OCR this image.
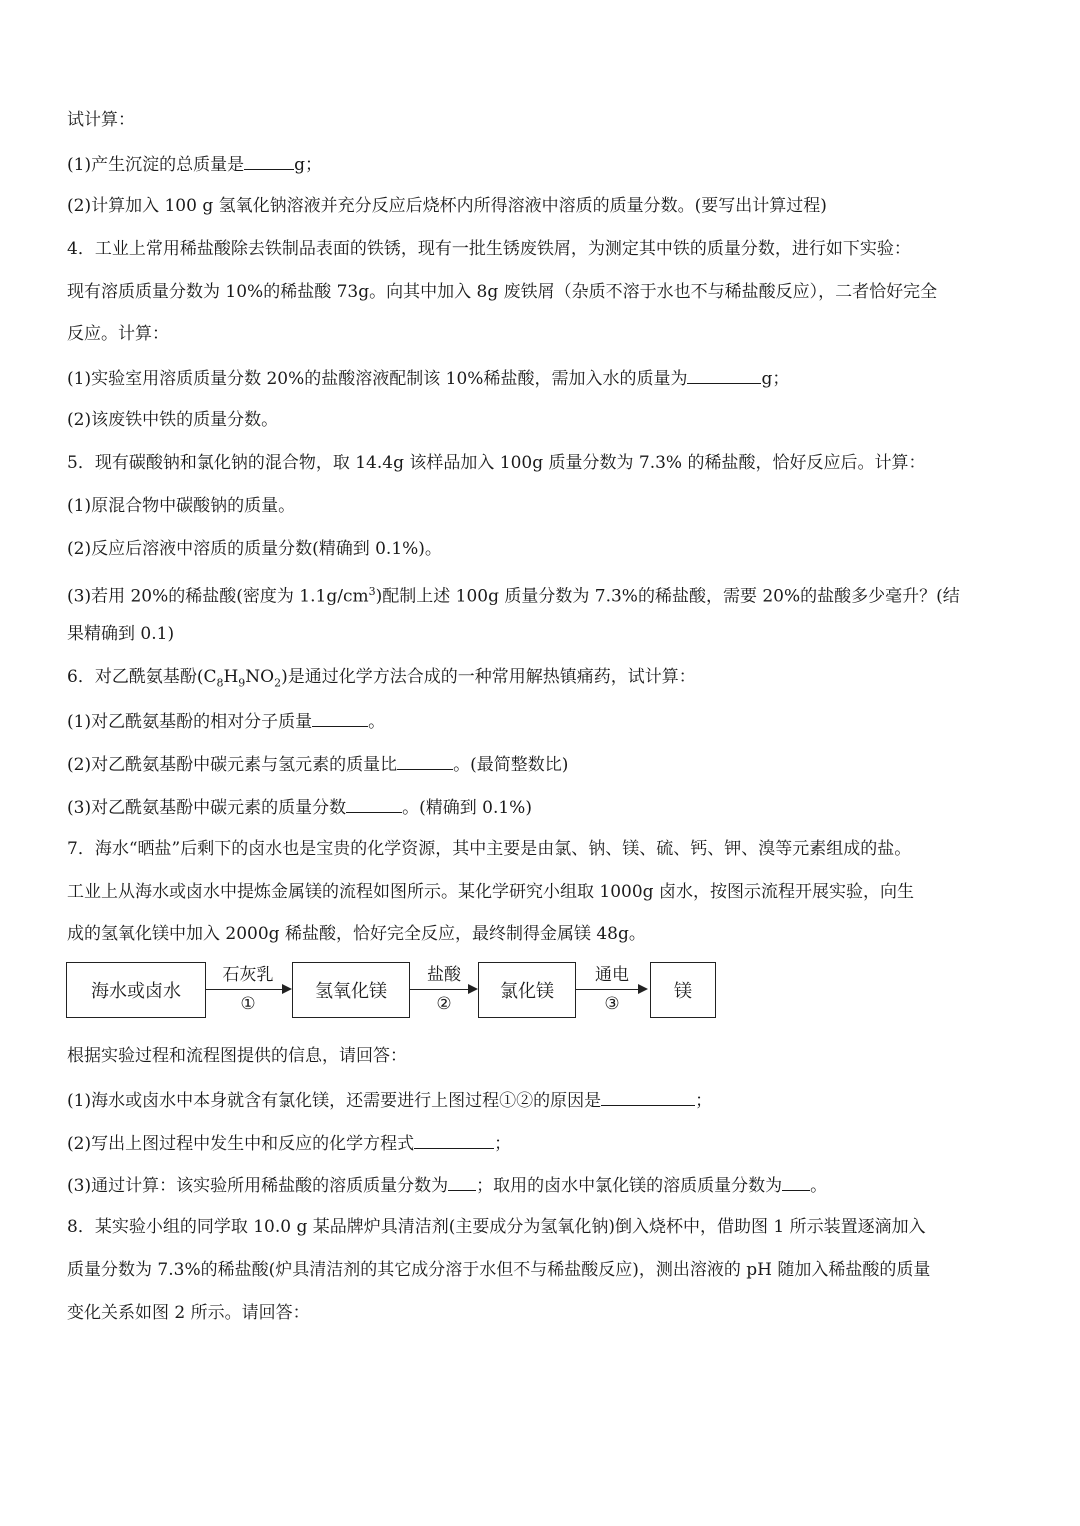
试计算：
(1)产生沉淀的总质量是	g；
(2)计算加入 100 g 氢氧化钠溶液并充分反应后烧杯内所得溶液中溶质的质量分数。(要写出计算过程)
4．工业上常用稀盐酸除去铁制品表面的铁锈，现有一批生锈废铁屑，为测定其中铁的质量分数，进行如下实验：
现有溶质质量分数为 10%的稀盐酸 73g。向其中加入 8g 废铁屑（杂质不溶于水也不与稀盐酸反应），二者恰好完全
反应。计算：
(1)实验室用溶质质量分数 20%的盐酸溶液配制该 10%稀盐酸，需加入水的质量为	g；
(2)该废铁中铁的质量分数。
5．现有碳酸钠和氯化钠的混合物，取 14.4g 该样品加入 100g 质量分数为 7.3% 的稀盐酸，恰好反应后。计算：
(1)原混合物中碳酸钠的质量。
(2)反应后溶液中溶质的质量分数(精确到 0.1%)。
(3)若用 20%的稀盐酸(密度为 $1.1g/cm^3$)配制上述 100g 质量分数为 7.3%的稀盐酸，需要 20%的盐酸多少毫升？(结
果精确到 0.1)
6．对乙酰氨基酚$(C_8H_9NO_2)$是通过化学方法合成的一种常用解热镇痛药，试计算：
(1)对乙酰氨基酚的相对分子质量	。
(2)对乙酰氨基酚中碳元素与氢元素的质量比	。(最简整数比)
(3)对乙酰氨基酚中碳元素的质量分数	。(精确到 0.1%)
7．海水“晒盐”后剩下的卤水也是宝贵的化学资源，其中主要是由氯、钠、镁、硫、钙、钾、溴等元素组成的盐。
工业上从海水或卤水中提炼金属镁的流程如图所示。某化学研究小组取 1000g 卤水，按图示流程开展实验，向生
成的氢氧化镁中加入 2000g 稀盐酸，恰好完全反应，最终制得金属镁 48g。
海水或卤水
石灰乳
①
氢氧化镁
盐酸
②
氯化镁
通电
③
镁
根据实验过程和流程图提供的信息，请回答：
(1)海水或卤水中本身就含有氯化镁，还需要进行上图过程①②的原因是	；
(2)写出上图过程中发生中和反应的化学方程式	；
(3)通过计算：该实验所用稀盐酸的溶质质量分数为 ；取用的卤水中氯化镁的溶质质量分数为 。
8．某实验小组的同学取 10.0 g 某品牌炉具清洁剂(主要成分为氢氧化钠)倒入烧杯中，借助图 1 所示装置逐滴加入
质量分数为 7.3%的稀盐酸(炉具清洁剂的其它成分溶于水但不与稀盐酸反应)，测出溶液的 pH 随加入稀盐酸的质量
变化关系如图 2 所示。请回答：
